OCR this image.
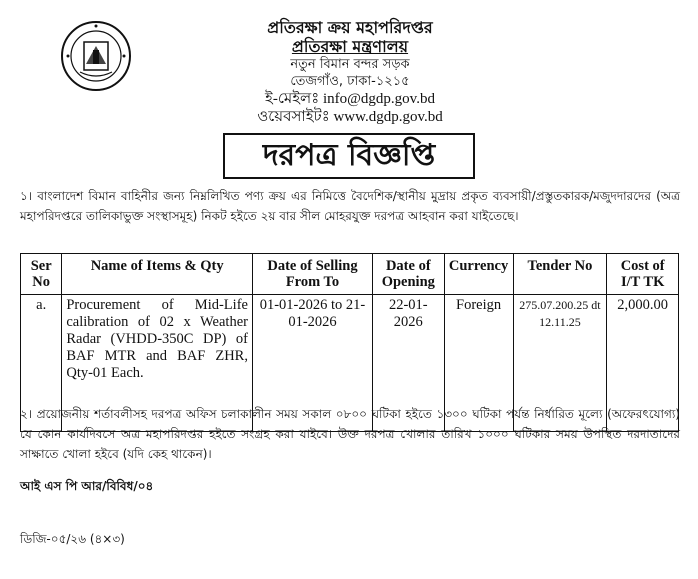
প্রতিরক্ষা ক্রয় মহাপরিদপ্তর
প্রতিরক্ষা মন্ত্রণালয়
নতুন বিমান বন্দর সড়ক
তেজগাঁও, ঢাকা-১২১৫
ই-মেইলঃ info@dgdp.gov.bd
ওয়েবসাইটঃ www.dgdp.gov.bd
দরপত্র বিজ্ঞপ্তি
১। বাংলাদেশ বিমান বাহিনীর জন্য নিম্নলিখিত পণ্য ক্রয় এর নিমিত্তে বৈদেশিক/স্থানীয় মুদ্রায় প্রকৃত ব্যবসায়ী/প্রস্তুতকারক/মজুদদারদের (অত্র মহাপরিদপ্তরে তালিকাভুক্ত সংস্থাসমূহ) নিকট হইতে ২য় বার সীল মোহরযুক্ত দরপত্র আহবান করা যাইতেছে।
Ser No	Name of Items & Qty	Date of Selling From To	Date of Opening	Currency	Tender No	Cost of I/T TK
a.	Procurement of Mid-Life calibration of 02 x Weather Radar (VHDD-350C DP) of BAF MTR and BAF ZHR, Qty-01 Each.	01-01-2026 to 21-01-2026	22-01-2026	Foreign	275.07.200.25 dt 12.11.25	2,000.00
২। প্রয়োজনীয় শর্তাবলীসহ দরপত্র অফিস চলাকালীন সময় সকাল ০৮০০ ঘটিকা হইতে ১৩০০ ঘটিকা পর্যন্ত নির্ধারিত মূল্যে (অফেরৎযোগ্য) যে কোন কার্যদিবসে অত্র মহাপরিদপ্তর হইতে সংগ্রহ করা যাইবে। উক্ত দরপত্র খোলার তারিখ ১০০০ ঘটিকার সময় উপস্থিত দরদাতাদের সাক্ষাতে খোলা হইবে (যদি কেহ থাকেন)।
আই এস পি আর/বিবিধ/০৪
ডিজি-০৫/২৬ (৪×৩)
